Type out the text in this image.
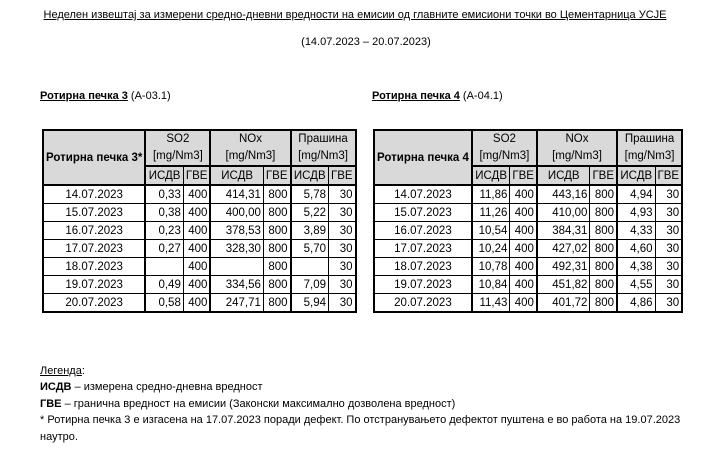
Неделен извештај за измерени средно-дневни вредности на емисии од главните емисиони точки во Цементарница УСЈЕ
(14.07.2023 – 20.07.2023)
Ротирна печка 3 (А-03.1)	Ротирна печка 4 (А-04.1)
Ротирна печка 3*	SO2
[mg/Nm3]		NOx
[mg/Nm3]		Прашина
[mg/Nm3]	
	ИСДВ	ГВЕ	ИСДВ	ГВЕ	ИСДВ	ГВЕ
14.07.2023	0,33	400	414,31	800	5,78	30
15.07.2023	0,38	400	400,00	800	5,22	30
16.07.2023	0,23	400	378,53	800	3,89	30
17.07.2023	0,27	400	328,30	800	5,70	30
18.07.2023		400		800		30
19.07.2023	0,49	400	334,56	800	7,09	30
20.07.2023	0,58	400	247,71	800	5,94	30
Ротирна печка 4	SO2
[mg/Nm3]		NOx
[mg/Nm3]		Прашина
[mg/Nm3]	
	ИСДВ	ГВЕ	ИСДВ	ГВЕ	ИСДВ	ГВЕ
14.07.2023	11,86	400	443,16	800	4,94	30
15.07.2023	11,26	400	410,00	800	4,93	30
16.07.2023	10,54	400	384,31	800	4,33	30
17.07.2023	10,24	400	427,02	800	4,60	30
18.07.2023	10,78	400	492,31	800	4,38	30
19.07.2023	10,84	400	451,82	800	4,55	30
20.07.2023	11,43	400	401,72	800	4,86	30
Легенда:
ИСДВ – измерена средно-дневна вредност
ГВЕ – гранична вредност на емисии (Законски максимално дозволена вредност)
* Ротирна печка 3 е изгасена на 17.07.2023 поради дефект. По отстранувањето дефектот пуштена е во работа на 19.07.2023 наутро.
